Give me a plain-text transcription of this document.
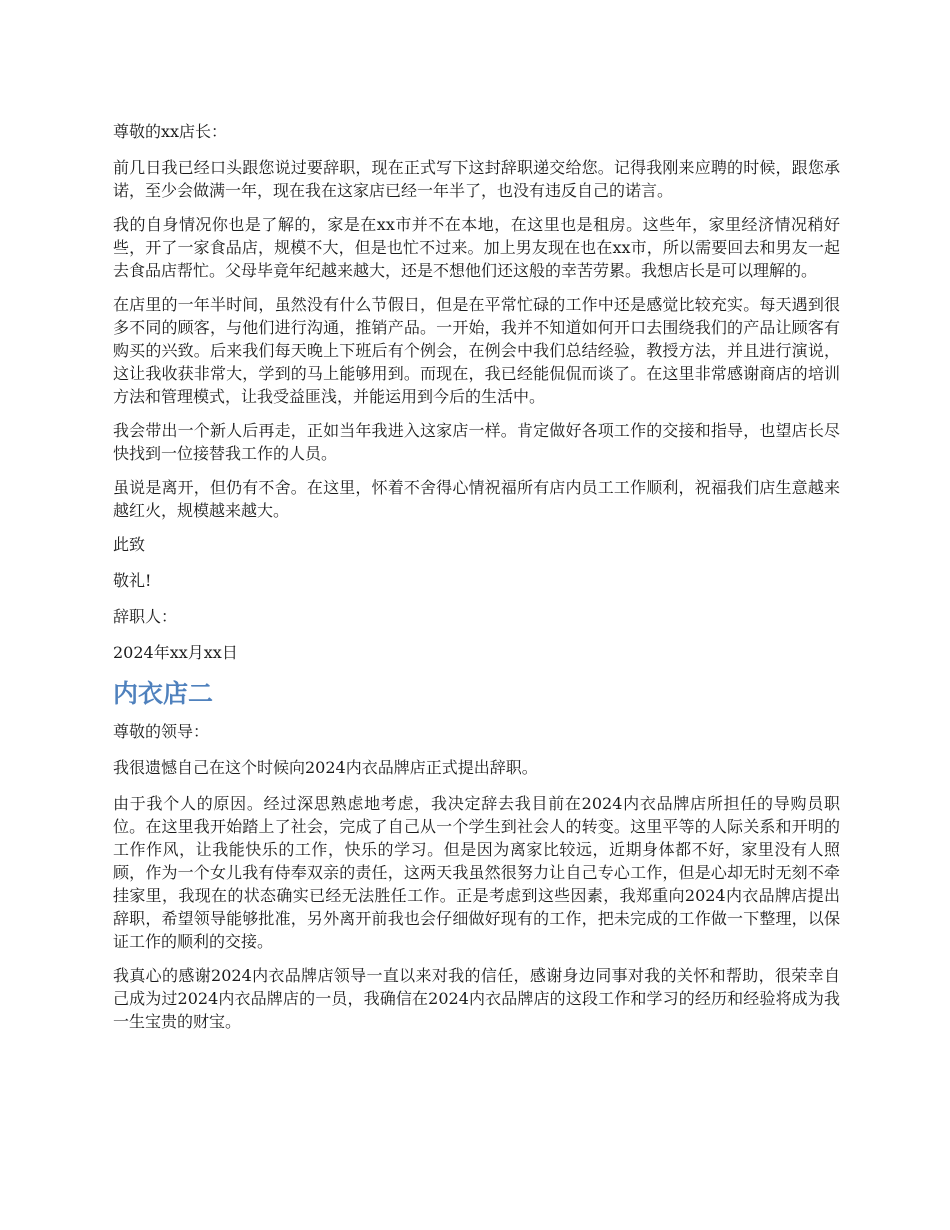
尊敬的xx店长：

前几日我已经口头跟您说过要辞职，现在正式写下这封辞职递交给您。记得我刚来应聘的时候，跟您承诺，至少会做满一年，现在我在这家店已经一年半了，也没有违反自己的诺言。

我的自身情况你也是了解的，家是在xx市并不在本地，在这里也是租房。这些年，家里经济情况稍好些，开了一家食品店，规模不大，但是也忙不过来。加上男友现在也在xx市，所以需要回去和男友一起去食品店帮忙。父母毕竟年纪越来越大，还是不想他们还这般的幸苦劳累。我想店长是可以理解的。

在店里的一年半时间，虽然没有什么节假日，但是在平常忙碌的工作中还是感觉比较充实。每天遇到很多不同的顾客，与他们进行沟通，推销产品。一开始，我并不知道如何开口去围绕我们的产品让顾客有购买的兴致。后来我们每天晚上下班后有个例会，在例会中我们总结经验，教授方法，并且进行演说，这让我收获非常大，学到的马上能够用到。而现在，我已经能侃侃而谈了。在这里非常感谢商店的培训方法和管理模式，让我受益匪浅，并能运用到今后的生活中。

我会带出一个新人后再走，正如当年我进入这家店一样。肯定做好各项工作的交接和指导，也望店长尽快找到一位接替我工作的人员。

虽说是离开，但仍有不舍。在这里，怀着不舍得心情祝福所有店内员工工作顺利，祝福我们店生意越来越红火，规模越来越大。

此致

敬礼!

辞职人：

2024年xx月xx日

内衣店二

尊敬的领导：

我很遗憾自己在这个时候向2024内衣品牌店正式提出辞职。

由于我个人的原因。经过深思熟虑地考虑，我决定辞去我目前在2024内衣品牌店所担任的导购员职位。在这里我开始踏上了社会，完成了自己从一个学生到社会人的转变。这里平等的人际关系和开明的工作作风，让我能快乐的工作，快乐的学习。但是因为离家比较远，近期身体都不好，家里没有人照顾，作为一个女儿我有侍奉双亲的责任，这两天我虽然很努力让自己专心工作，但是心却无时无刻不牵挂家里，我现在的状态确实已经无法胜任工作。正是考虑到这些因素，我郑重向2024内衣品牌店提出辞职，希望领导能够批准，另外离开前我也会仔细做好现有的工作，把未完成的工作做一下整理，以保证工作的顺利的交接。

我真心的感谢2024内衣品牌店领导一直以来对我的信任，感谢身边同事对我的关怀和帮助，很荣幸自己成为过2024内衣品牌店的一员，我确信在2024内衣品牌店的这段工作和学习的经历和经验将成为我一生宝贵的财宝。
